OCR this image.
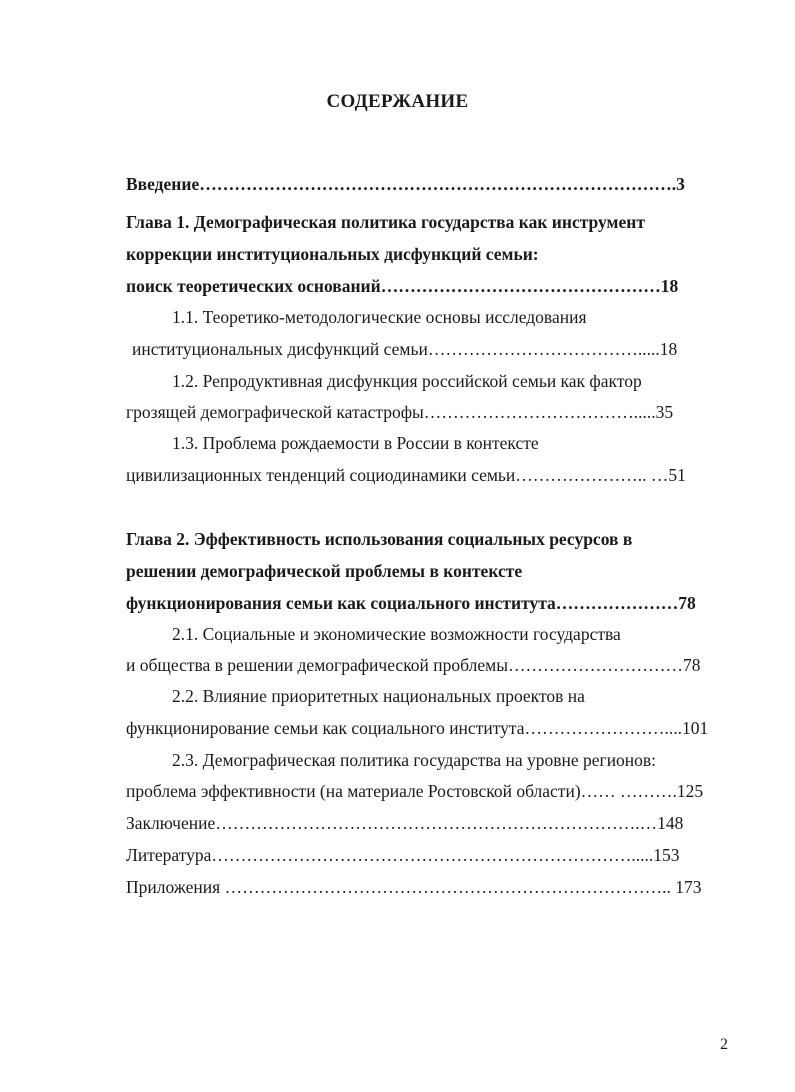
СОДЕРЖАНИЕ
Введение……………………………………………………………………….3
Глава 1. Демографическая политика государства как инструмент
коррекции институциональных дисфункций семьи:
поиск теоретических оснований…………………………………………18
1.1. Теоретико-методологические основы исследования
институциональных дисфункций семьи……………………………….....18
1.2. Репродуктивная дисфункция российской семьи как фактор
грозящей демографической катастрофы……………………………….....35
1.3. Проблема рождаемости в России в контексте
цивилизационных тенденций социодинамики семьи………………….. …51
Глава 2. Эффективность использования социальных ресурсов в
решении демографической проблемы в контексте
функционирования семьи как социального института…………………78
2.1. Социальные и экономические возможности государства
и общества в решении демографической проблемы…………………………78
2.2. Влияние приоритетных национальных проектов на
функционирование семьи как социального института……………………....101
2.3. Демографическая политика государства на уровне регионов:
проблема эффективности (на материале Ростовской области)…… ……….125
Заключение……………………………………………………………….…148
Литература……………………………………………………………….....153
Приложения ………………………………………………………………….. 173
2
